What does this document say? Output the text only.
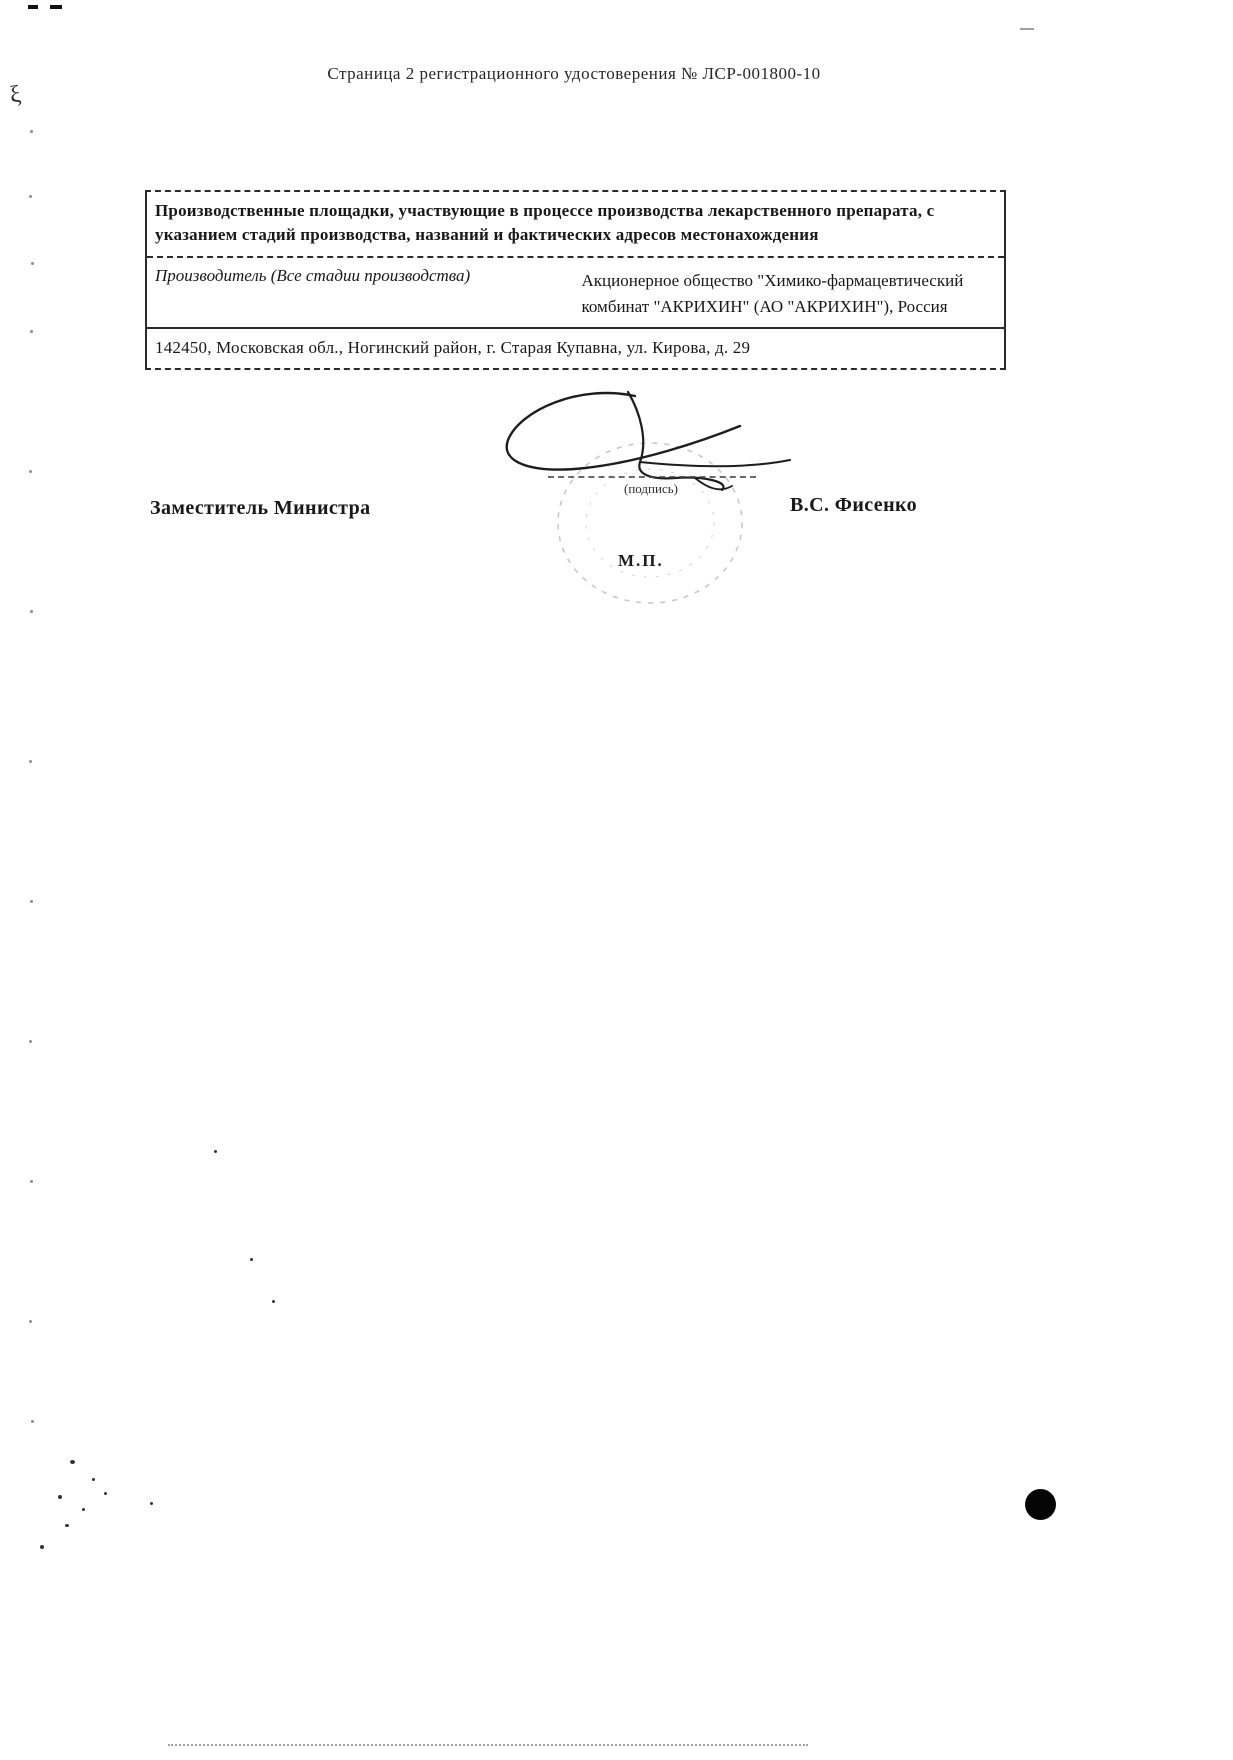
Страница 2 регистрационного удостоверения № ЛСР-001800-10
Производственные площадки, участвующие в процессе производства лекарственного препарата, с указанием стадий производства, названий и фактических адресов местонахождения
Производитель (Все стадии производства)	Акционерное общество "Химико-фармацевтический комбинат "АКРИХИН" (АО "АКРИХИН"), Россия
142450, Московская обл., Ногинский район, г. Старая Купавна, ул. Кирова, д. 29
Заместитель Министра
(подпись)
М.П.
В.С. Фисенко
ξ
